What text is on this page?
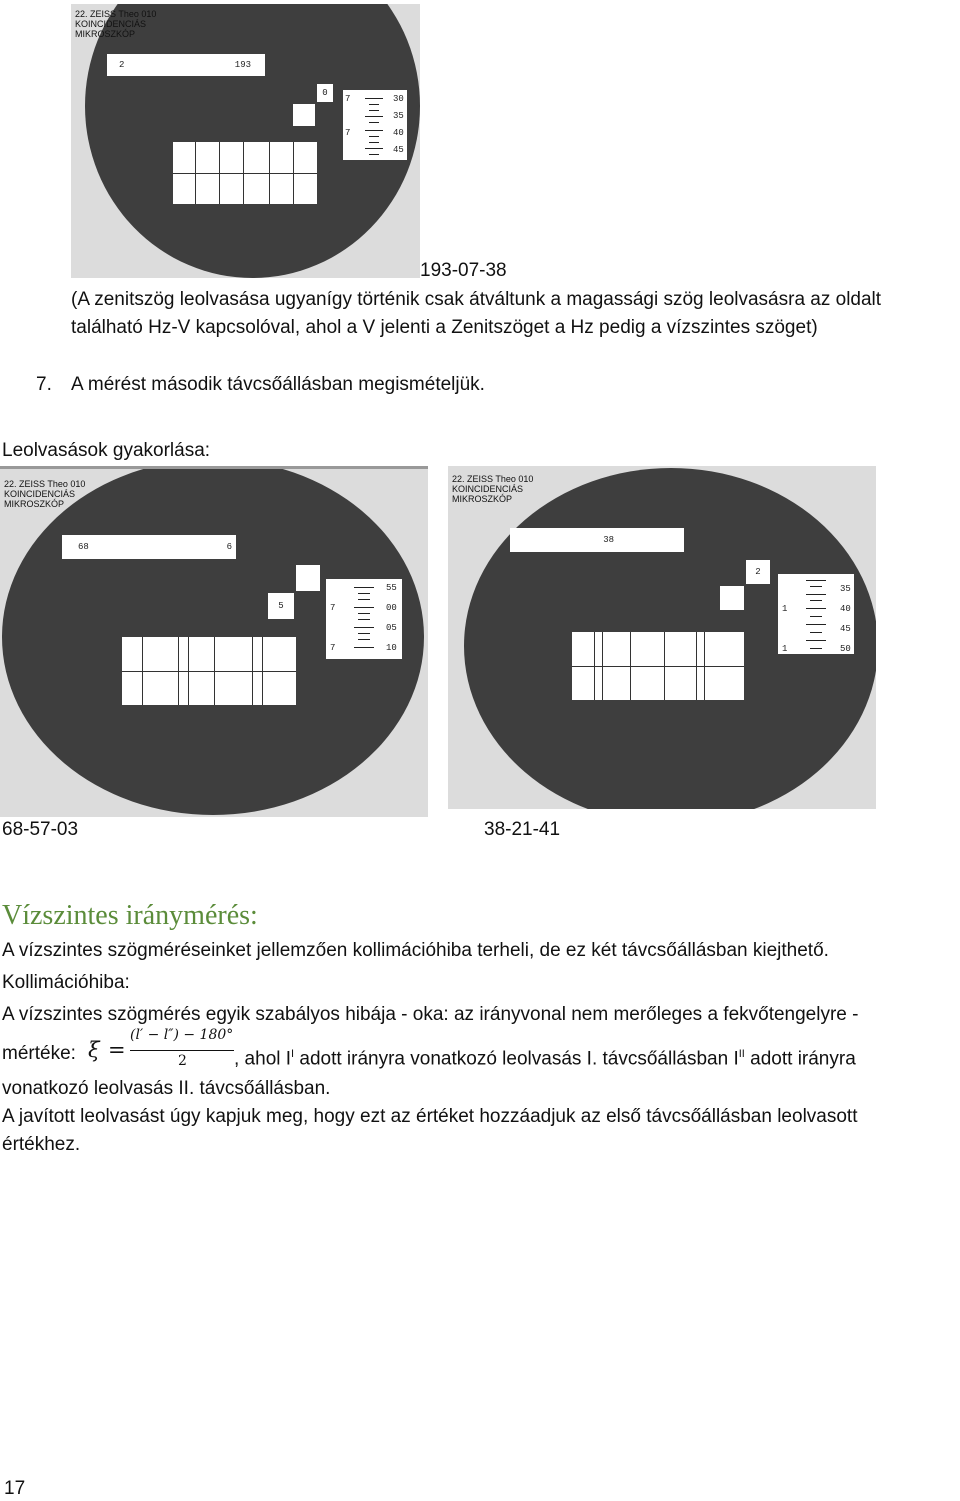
22. ZEISS Theo 010
KOINCIDENCIÁS
MIKROSZKÓP
2	193
0
7
7
30
35
40
45
193-07-38
(A zenitszög leolvasása ugyanígy történik csak átváltunk a magassági szög leolvasásra az oldalt
található Hz-V kapcsolóval, ahol a V jelenti a Zenitszöget a Hz pedig a vízszintes szöget)
7. A mérést második távcsőállásban megismételjük.
Leolvasások gyakorlása:
22. ZEISS Theo 010
KOINCIDENCIÁS
MIKROSZKÓP
68	6
5	7
7
55
00
05
10
22. ZEISS Theo 010
KOINCIDENCIÁS
MIKROSZKÓP
38
2
1
1
35
40
45
50
68-57-03	38-21-41
Vízszintes iránymérés:
A vízszintes szögméréseinket jellemzően kollimációhiba terheli, de ez két távcsőállásban kiejthető.
Kollimációhiba:
A vízszintes szögmérés egyik szabályos hibája - oka: az irányvonal nem merőleges a fekvőtengelyre -
mértéke: ξ =
(l′ − l″) − 180°
2 , ahol $I^I$ adott irányra vonatkozó leolvasás I. távcsőállásban $I^{II}$ adott irányra
vonatkozó leolvasás II. távcsőállásban.
A javított leolvasást úgy kapjuk meg, hogy ezt az értéket hozzáadjuk az első távcsőállásban leolvasott
értékhez.
17
